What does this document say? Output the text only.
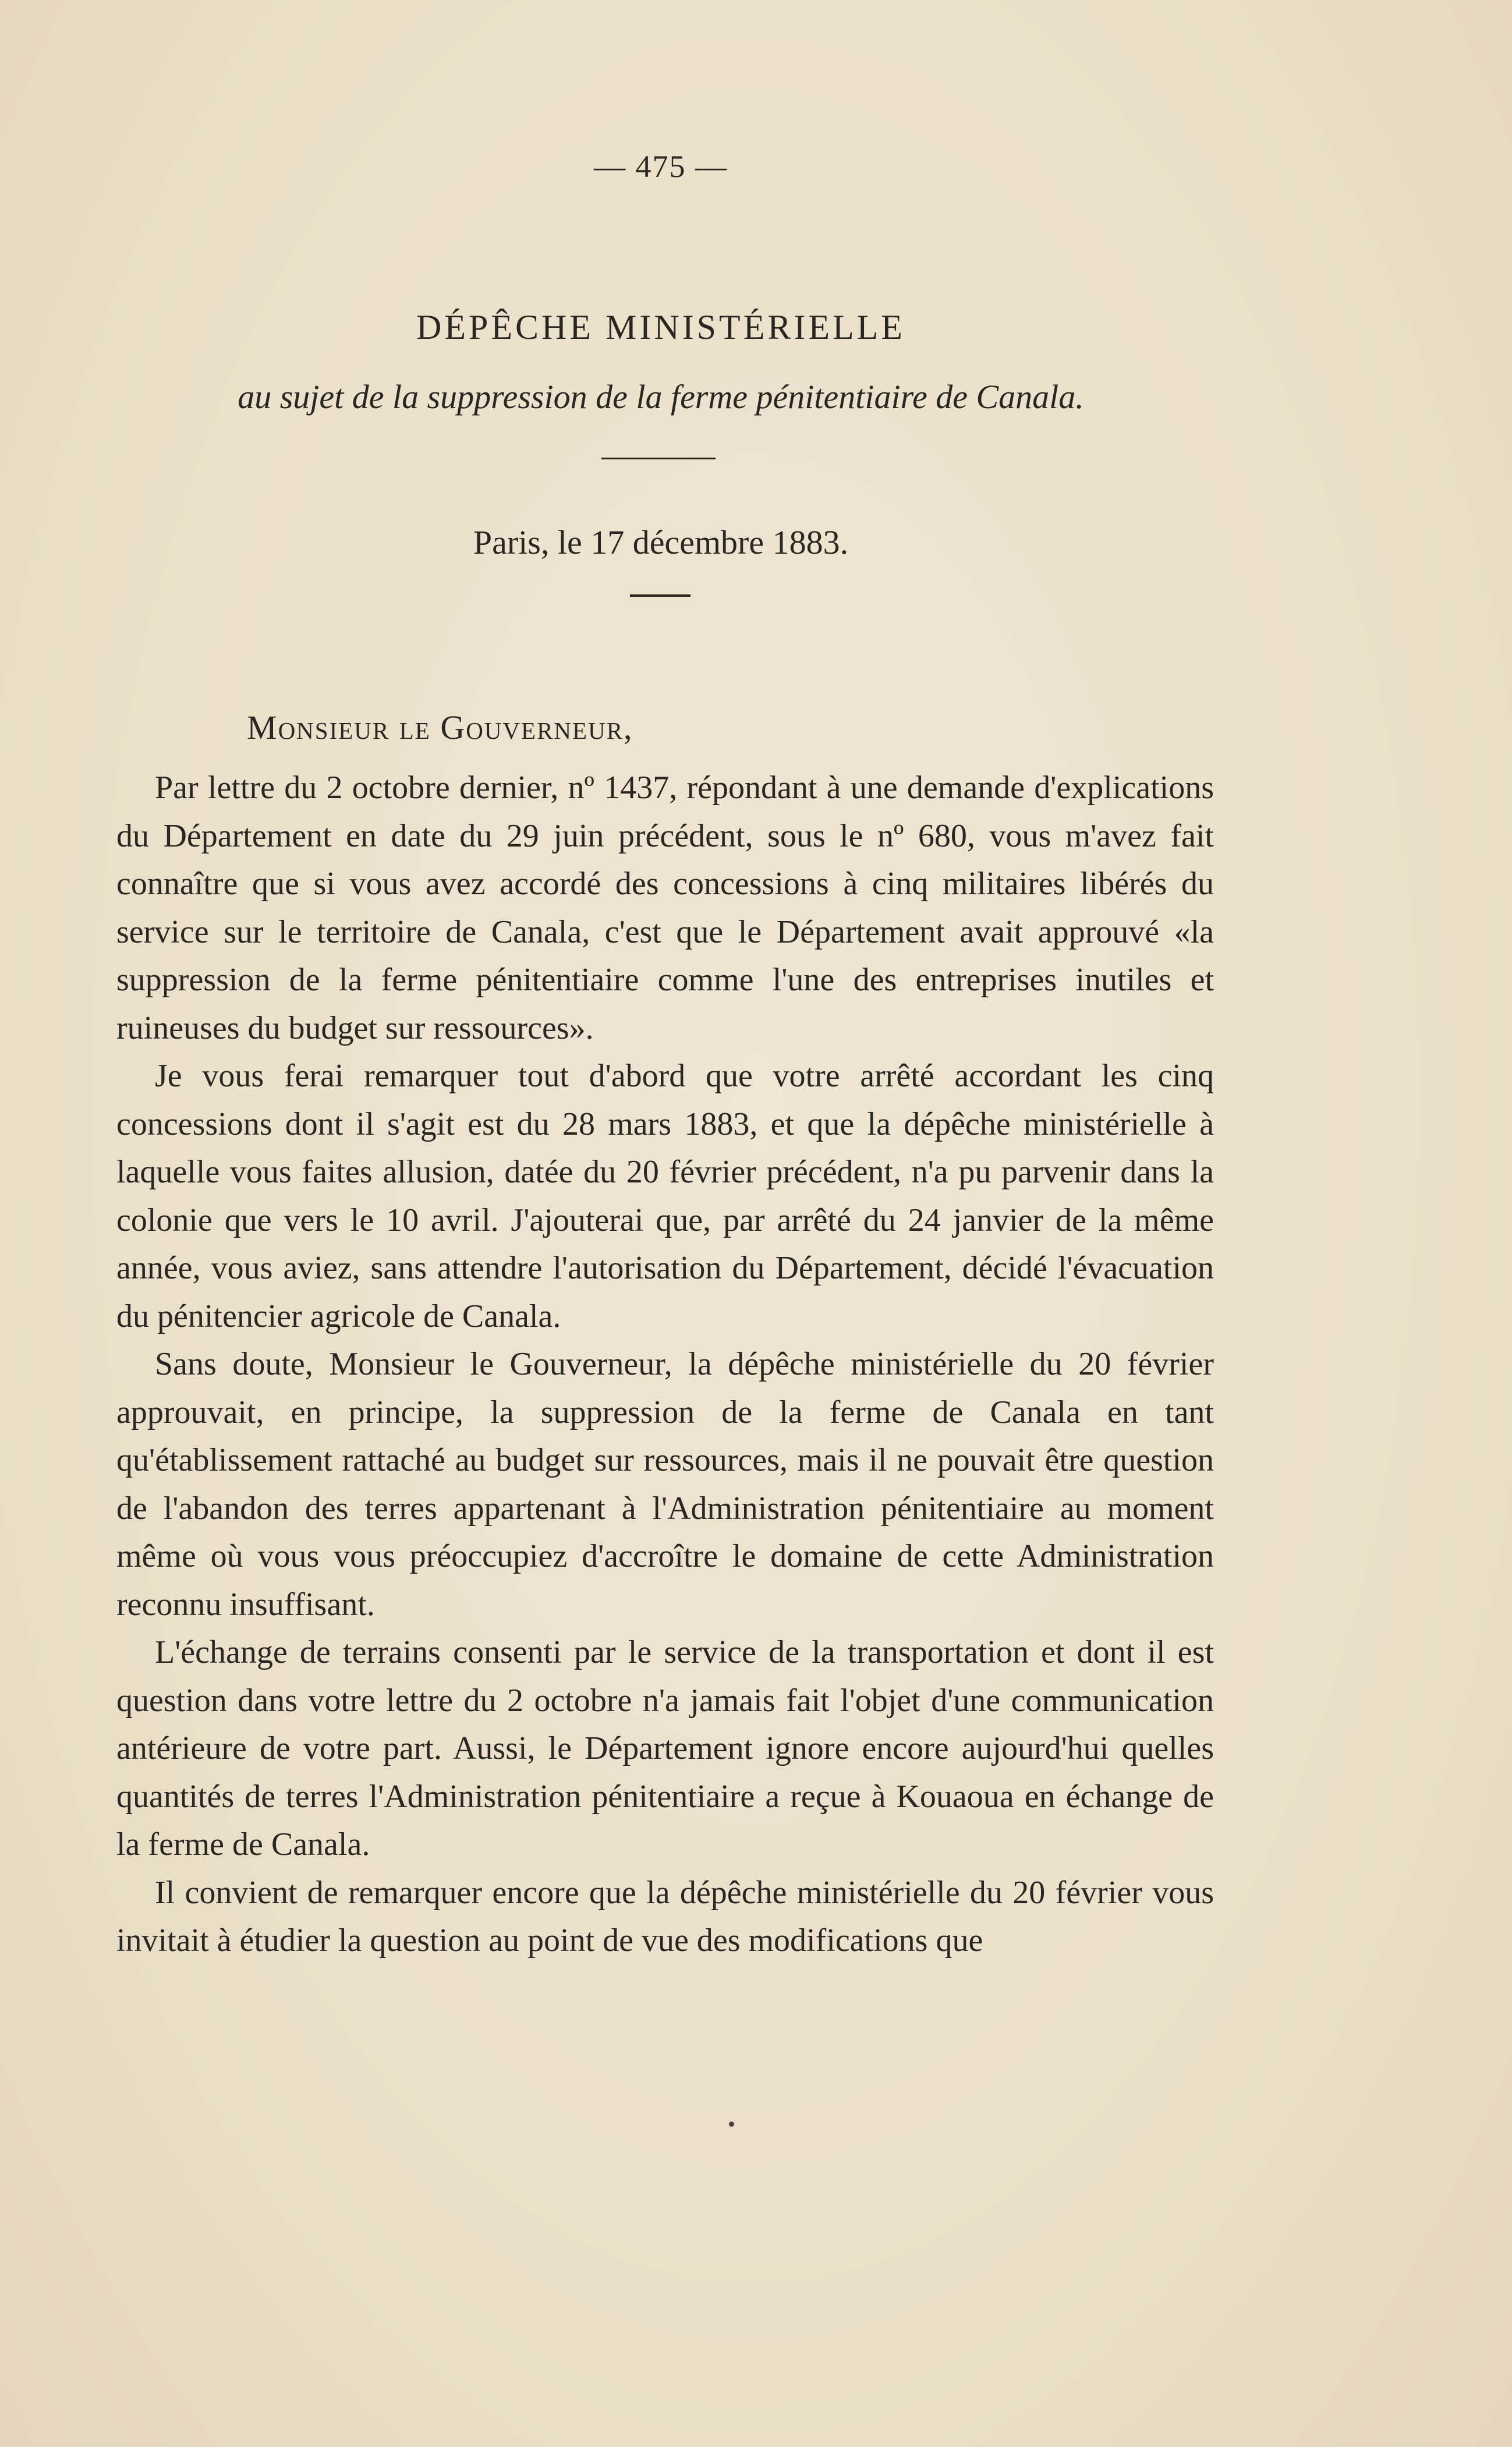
— 475 —
DÉPÊCHE MINISTÉRIELLE
au sujet de la suppression de la ferme pénitentiaire de Canala.
Paris, le 17 décembre 1883.
Monsieur le Gouverneur,

Par lettre du 2 octobre dernier, nº 1437, répondant à une demande d'explications du Département en date du 29 juin précédent, sous le nº 680, vous m'avez fait connaître que si vous avez accordé des concessions à cinq militaires libérés du service sur le territoire de Canala, c'est que le Département avait approuvé «la suppression de la ferme pénitentiaire comme l'une des entreprises inutiles et ruineuses du budget sur ressources».

Je vous ferai remarquer tout d'abord que votre arrêté accordant les cinq concessions dont il s'agit est du 28 mars 1883, et que la dépêche ministérielle à laquelle vous faites allusion, datée du 20 février précédent, n'a pu parvenir dans la colonie que vers le 10 avril. J'ajouterai que, par arrêté du 24 janvier de la même année, vous aviez, sans attendre l'autorisation du Département, décidé l'évacuation du pénitencier agricole de Canala.

Sans doute, Monsieur le Gouverneur, la dépêche ministérielle du 20 février approuvait, en principe, la suppression de la ferme de Canala en tant qu'établissement rattaché au budget sur ressources, mais il ne pouvait être question de l'abandon des terres appartenant à l'Administration pénitentiaire au moment même où vous vous préoccupiez d'accroître le domaine de cette Administration reconnu insuffisant.

L'échange de terrains consenti par le service de la transportation et dont il est question dans votre lettre du 2 octobre n'a jamais fait l'objet d'une communication antérieure de votre part. Aussi, le Département ignore encore aujourd'hui quelles quantités de terres l'Administration pénitentiaire a reçue à Kouaoua en échange de la ferme de Canala.

Il convient de remarquer encore que la dépêche ministérielle du 20 février vous invitait à étudier la question au point de vue des modifications que
